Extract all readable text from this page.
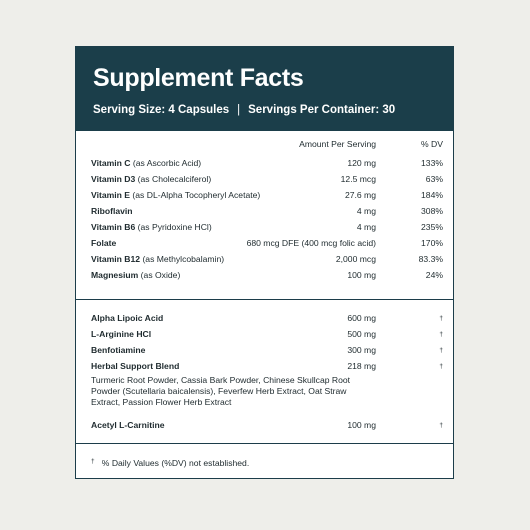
Supplement Facts
Serving Size: 4 Capsules | Servings Per Container: 30
Amount Per Serving	% DV
Vitamin C (as Ascorbic Acid)	120 mg	133%
Vitamin D3 (as Cholecalciferol)	12.5 mcg	63%
Vitamin E (as DL-Alpha Tocopheryl Acetate)	27.6 mg	184%
Riboflavin	4 mg	308%
Vitamin B6 (as Pyridoxine HCl)	4 mg	235%
Folate	680 mcg DFE (400 mcg folic acid)	170%
Vitamin B12 (as Methylcobalamin)	2,000 mcg	83.3%
Magnesium (as Oxide)	100 mg	24%
Alpha Lipoic Acid	600 mg	†
L-Arginine HCl	500 mg	†
Benfotiamine	300 mg	†
Herbal Support Blend	218 mg	†
Turmeric Root Powder, Cassia Bark Powder, Chinese Skullcap Root Powder (Scutellaria baicalensis), Feverfew Herb Extract, Oat Straw Extract, Passion Flower Herb Extract
Acetyl L-Carnitine	100 mg	†
† % Daily Values (%DV) not established.
